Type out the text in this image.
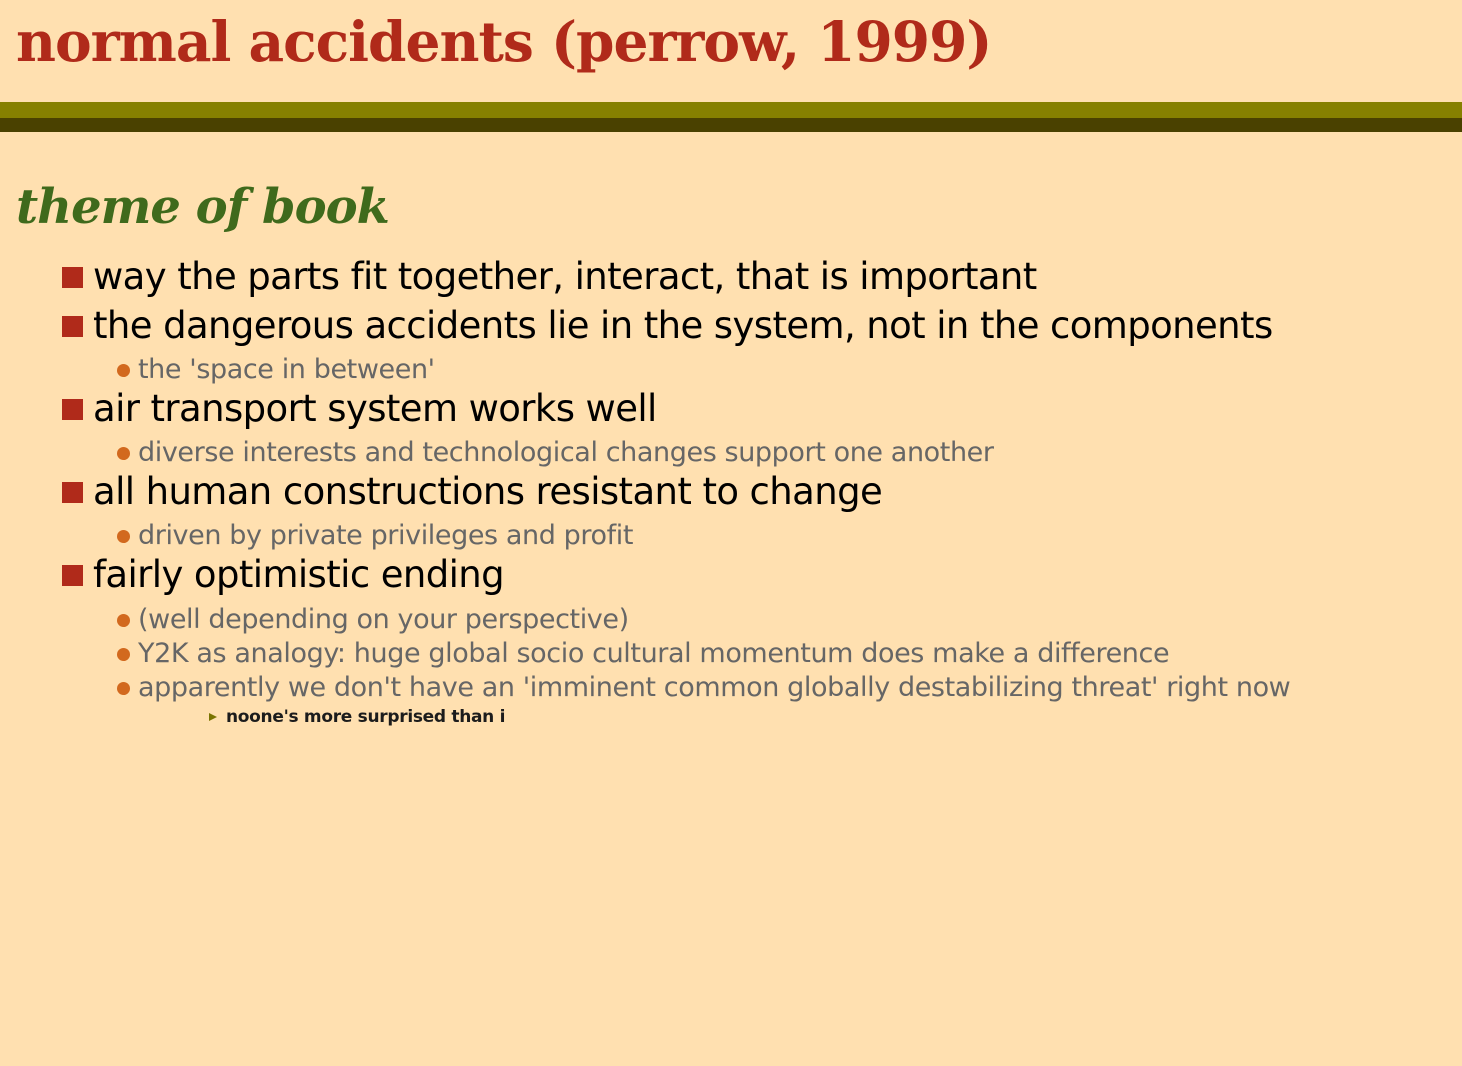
normal accidents (perrow, 1999)
theme of book
way the parts fit together, interact, that is important
the dangerous accidents lie in the system, not in the components
the 'space in between'
air transport system works well
diverse interests and technological changes support one another
all human constructions resistant to change
driven by private privileges and profit
fairly optimistic ending
(well depending on your perspective)
Y2K as analogy: huge global socio cultural momentum does make a difference
apparently we don't have an 'imminent common globally destabilizing threat' right now
noone's more surprised than i
